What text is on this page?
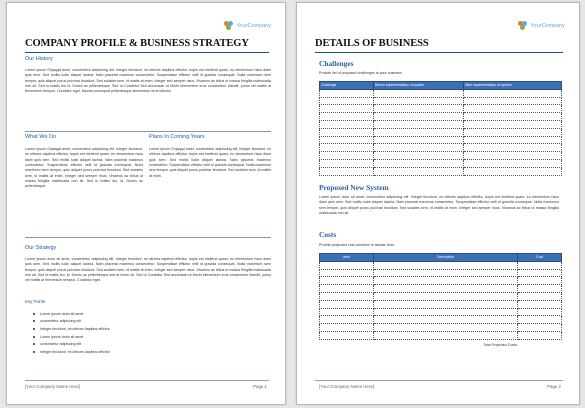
YourCompany
COMPANY PROFILE & BUSINESS STRATEGY
Our History
Lorem ipsum Onjaqqd amet, consectetur adipiscing elit. Integer tincidunt, mi ultrices dapibus efficitur, turpis est eleifend quam, eu elementum risus diam quis sem. Sed mollis ludin aliquet lacinia. Nam placerat maximus consectetur. Suspendisse efficitur velit id gravida consequat. Nulla maximum sem tempor, quis aliquet purus pulvinar tincidunt. Sed sodales sem, id mattis at enim. Integer sed semper risus. Vivamus ac tellus ut massa fringilla malesuada non sit. Sed in mattis leo id. Donec ac pellentesque. Sed ut Curabitur Sed accumsan ut Morbi elementum eros consectetur blandit, purus vel mattis at fermentum tempus. Curabitur eget. Mauris consequat pellentesque elementum eros ultrices.
What We Do
Lorem ipsum Onjaqqd amet, consectetur adipiscing elit. Integer tincidunt, mi ultrices dapibus efficitur, turpis est eleifend quam, eu elementum risus diam quis sem. Sed mollis ludin aliquet lacinia. Nam placerat maximus consectetur. Suspendisse efficitur velit id gravida consequat. Nulla maximum sem tempor, quis aliquet purus pulvinar tincidunt. Sed sodales sem, id mattis at enim. Integer sed semper risus. Vivamus ac tellus ut massa fringilla malesuada non sit. Sed in mattis leo, id. Donec ac pellentesque.
Plans In Coming Years
Lorem ipsum Onjaqqd amet, consectetur adipiscing elit. Integer tincidunt, mi ultrices dapibus efficitur, turpis est eleifend quam, eu elementum risus diam quis sem. Sed mollis ludin aliquet lacinia. Nam placerat maximus consectetur. Suspendisse efficitur velit id gravida consequat. Nulla maximum sem tempor, quis aliquet purus pulvinar tincidunt. Sed sodales sem, id mattis at enim.
Our Strategy
Lorem ipsum dolor sit amet, consectetur adipiscing elit. Integer tincidunt, mi ultrices dapibus efficitur, turpis est eleifend quam, eu elementum risus diam quis sem. Sed mollis ludin aliquet lacinia. Nam placerat maximus consectetur. Suspendisse efficitur velit id gravida consequat. Nulla maximum sem tempor, quis aliquet purus pulvinar tincidunt. Sed sodales sem, id mattis at enim. Integer sed semper risus. Vivamus ac tellus ut massa fringilla malesuada non sit. Sed in mattis leo, id. Donec ac pellentesque sed at lorem sit. Sed ut Curabitur Sed accumsan ut Morbi elementum eros consectetur blandit, purus vel mattis at fermentum tempus. Curabitur eget.
Key Points
Lorem ipsum dolor sit amet
consectetur adipiscing elit
Integer tincidunt, mi ultrices dapibus efficitur
Lorem ipsum dolor sit amet
consectetur adipiscing elit
Integer tincidunt, mi ultrices dapibus efficitur
[Your Company Name Here]	Page 1
YourCompany
DETAILS OF BUSINESS
Challenges
Provide list of proposed challenges to your business
Challenge	Before implementation of system	After implementation of system

Proposed New System
Lorem ipsum dolor sit amet, consectetur adipiscing elit. Integer tincidunt, mi ultrices dapibus efficitur, turpis est eleifend quam, eu elementum risus diam quis sem. Sed mollis ludin aliquet lacinia. Nam placerat maximus consectetur. Suspendisse efficitur velit id gravida consequat. Nulla maximum sem tempor, quis aliquet purus pulvinar tincidunt. Sed sodales sem, id mattis at enim. Integer sed semper risus. Vivamus ac tellus ut massa fringilla malesuada non sit.
Costs
Provide projected cost schedule in tabular form.
Item	Description	Cost

Total Projected Costs
[Your Company Name Here]	Page 2
